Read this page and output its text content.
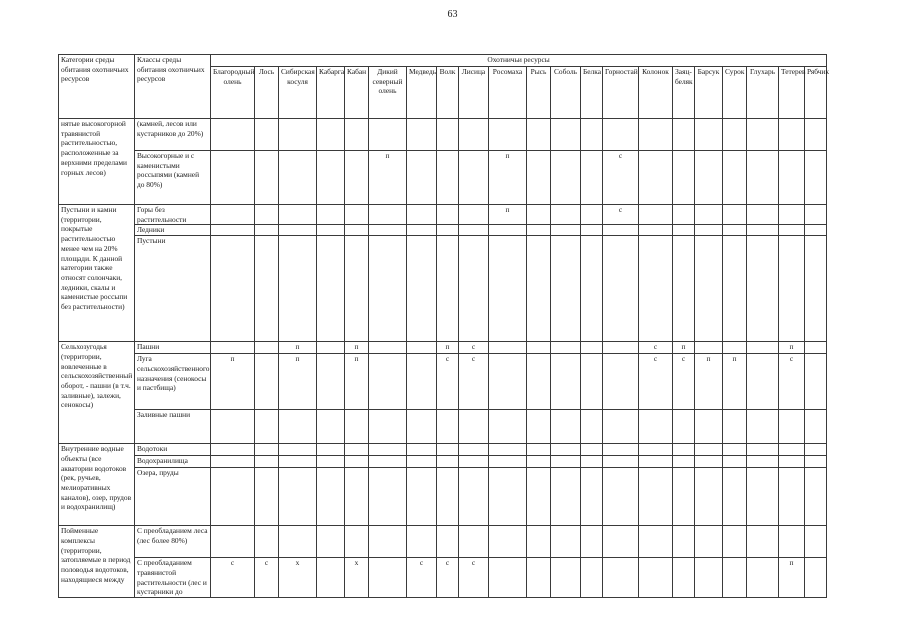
63
Категории среды обитания охотничьих ресурсов	Классы среды обитания охотничьих ресурсов	Охотничьи ресурсы																				
		Благородный олень	Лось	Сибирская косуля	Кабарга	Кабан	Дикий северный олень	Медведь	Волк	Лисица	Росомаха	Рысь	Соболь	Белка	Горностай	Колонок	Заяц-беляк	Барсук	Сурок	Глухарь	Тетерев	Рябчик
нятые высокогорной травянистой растительностью, расположенные за верхними пределами горных лесов)	(камней, лесов или кустарников до 20%)																					
	Высокогорные и с каменистыми россыпями (камней до 80%)						п				п				с							
Пустыни и камни (территории, покрытые растительностью менее чем на 20% площади. К данной категории также относят солончаки, ледники, скалы и каменистые россыпи без растительности)	Горы без растительности										п				с							
	Ледники																					
	Пустыни																					
Сельхозугодья (территории, вовлеченные в сельскохозяйственный оборот, - пашни (в т.ч. заливные), залежи, сенокосы)	Пашни			п		п			п	с						с	п				п	
	Луга сельскохозяйственного назначения (сенокосы и пастбища)	п		п		п			с	с						с	с	п	п		с	
	Заливные пашни																					
Внутренние водные объекты (все акватории водотоков (рек, ручьев, мелиоративных каналов), озер, прудов и водохранилищ)	Водотоки																					
	Водохранилища																					
	Озера, пруды																					
Пойменные комплексы (территории, затопляемые в период половодья водотоков, находящиеся между	С преобладанием леса (лес более 80%)																					
	С преобладанием травянистой растительности (лес и кустарники до	с	с	х		х		с	с	с											п	
